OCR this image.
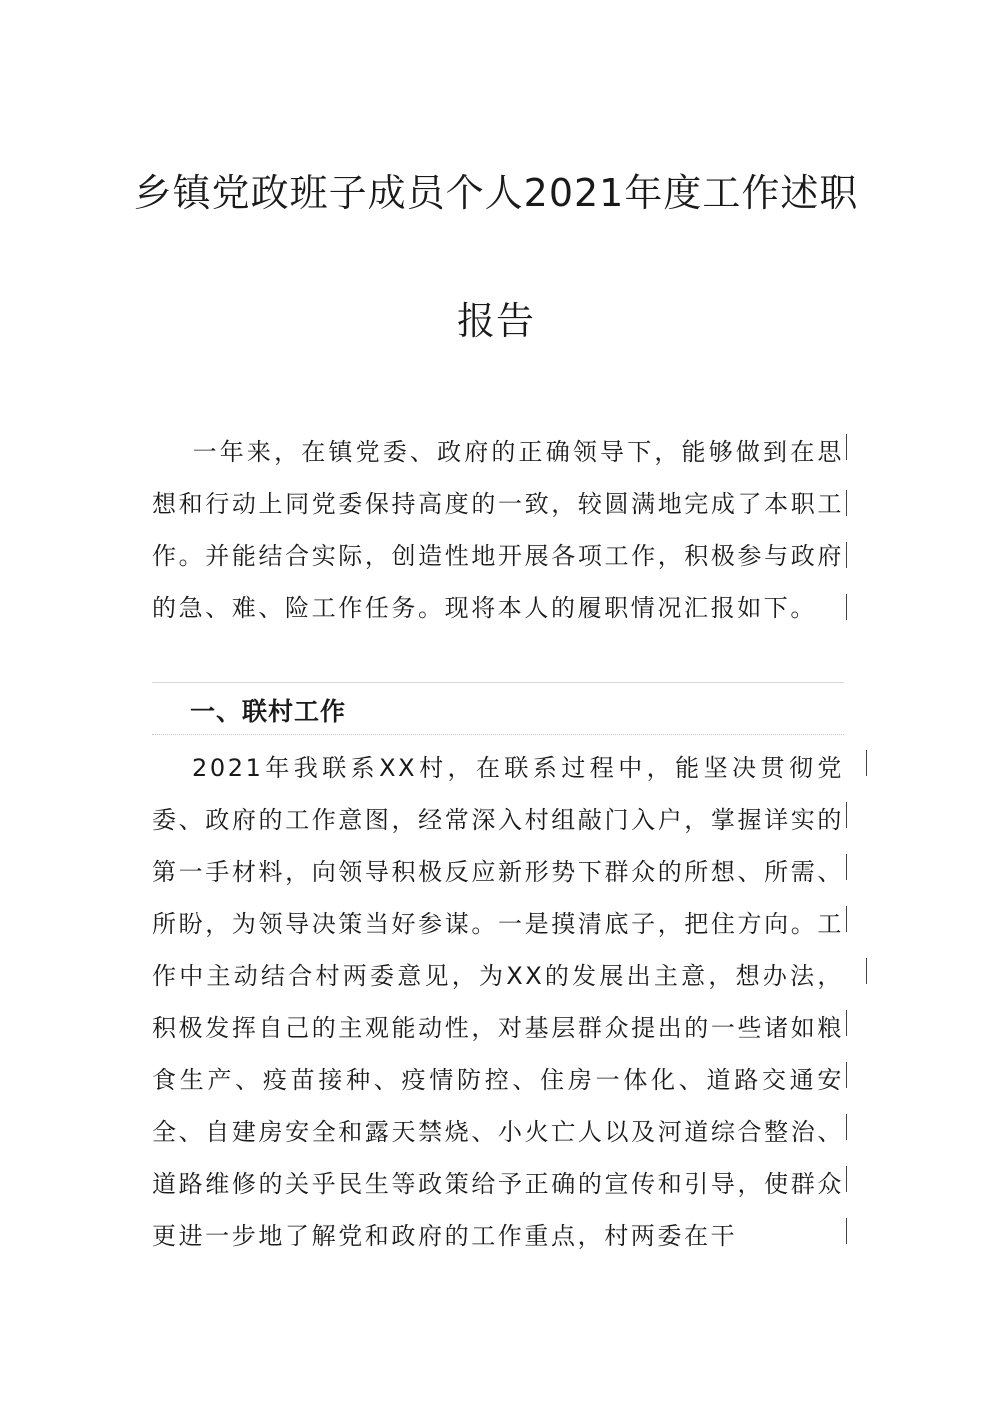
乡镇党政班子成员个人2021年度工作述职
报告

一年来，在镇党委、政府的正确领导下，能够做到在思想和行动上同党委保持高度的一致，较圆满地完成了本职工作。并能结合实际，创造性地开展各项工作，积极参与政府的急、难、险工作任务。现将本人的履职情况汇报如下。

一、联村工作

2021年我联系XX村，在联系过程中，能坚决贯彻党委、政府的工作意图，经常深入村组敲门入户，掌握详实的第一手材料，向领导积极反应新形势下群众的所想、所需、所盼，为领导决策当好参谋。一是摸清底子，把住方向。工作中主动结合村两委意见，为XX的发展出主意，想办法，积极发挥自己的主观能动性，对基层群众提出的一些诸如粮食生产、疫苗接种、疫情防控、住房一体化、道路交通安全、自建房安全和露天禁烧、小火亡人以及河道综合整治、道路维修的关乎民生等政策给予正确的宣传和引导，使群众更进一步地了解党和政府的工作重点，村两委在干
